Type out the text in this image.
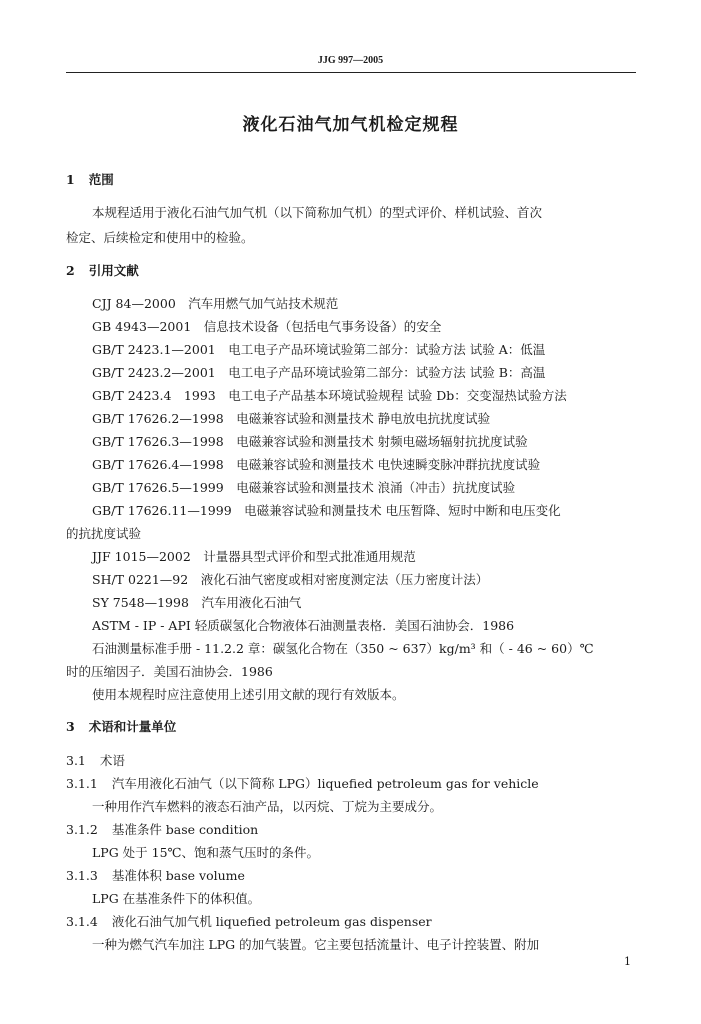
JJG 997—2005
液化石油气加气机检定规程
1 范围
本规程适用于液化石油气加气机（以下简称加气机）的型式评价、样机试验、首次
检定、后续检定和使用中的检验。
2 引用文献
CJJ 84—2000　汽车用燃气加气站技术规范
GB 4943—2001　信息技术设备（包括电气事务设备）的安全
GB/T 2423.1—2001　电工电子产品环境试验第二部分：试验方法 试验 A：低温
GB/T 2423.2—2001　电工电子产品环境试验第二部分：试验方法 试验 B：高温
GB/T 2423.4　1993　电工电子产品基本环境试验规程 试验 Db：交变湿热试验方法
GB/T 17626.2—1998　电磁兼容试验和测量技术 静电放电抗扰度试验
GB/T 17626.3—1998　电磁兼容试验和测量技术 射频电磁场辐射抗扰度试验
GB/T 17626.4—1998　电磁兼容试验和测量技术 电快速瞬变脉冲群抗扰度试验
GB/T 17626.5—1999　电磁兼容试验和测量技术 浪涌（冲击）抗扰度试验
GB/T 17626.11—1999　电磁兼容试验和测量技术 电压暂降、短时中断和电压变化
的抗扰度试验
JJF 1015—2002　计量器具型式评价和型式批准通用规范
SH/T 0221—92　液化石油气密度或相对密度测定法（压力密度计法）
SY 7548—1998　汽车用液化石油气
ASTM - IP - API 轻质碳氢化合物液体石油测量表格．美国石油协会．1986
石油测量标准手册 - 11.2.2 章：碳氢化合物在（350 ~ 637）kg/m³ 和（ - 46 ~ 60）℃
时的压缩因子．美国石油协会．1986
使用本规程时应注意使用上述引用文献的现行有效版本。
3 术语和计量单位
3.1 术语
3.1.1 汽车用液化石油气（以下简称 LPG）liquefied petroleum gas for vehicle
一种用作汽车燃料的液态石油产品，以丙烷、丁烷为主要成分。
3.1.2 基准条件 base condition
LPG 处于 15℃、饱和蒸气压时的条件。
3.1.3 基准体积 base volume
LPG 在基准条件下的体积值。
3.1.4 液化石油气加气机 liquefied petroleum gas dispenser
一种为燃气汽车加注 LPG 的加气装置。它主要包括流量计、电子计控装置、附加
1
